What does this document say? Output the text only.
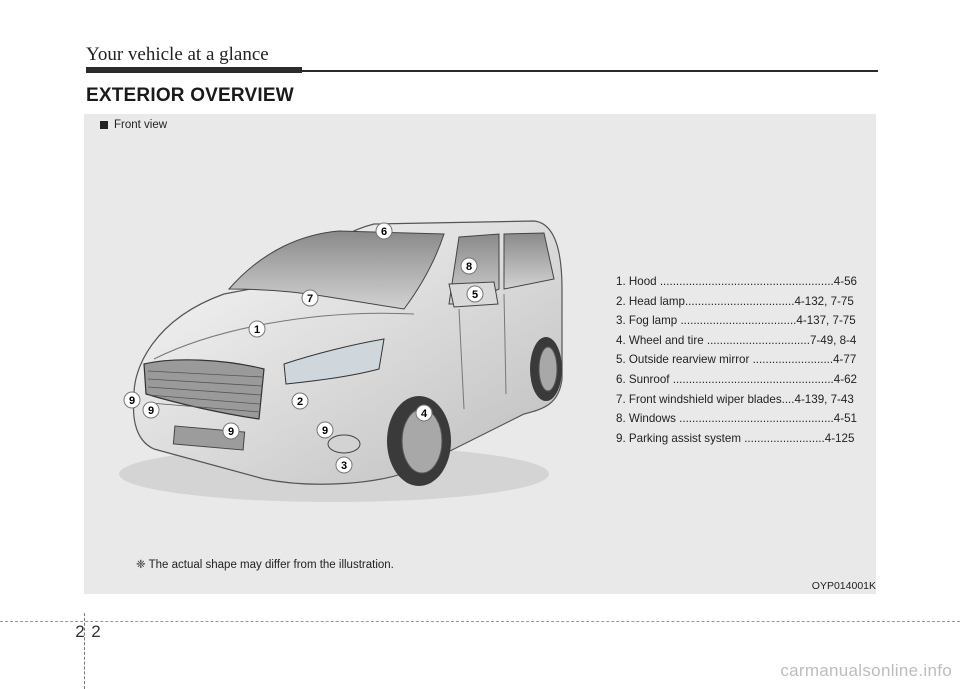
Your vehicle at a glance
EXTERIOR OVERVIEW
Front view
1
2
3
4
5
6
7
8
9
9
9	9
1. Hood ......................................................4-56
2. Head lamp..................................4-132, 7-75
3. Fog lamp ....................................4-137, 7-75
4. Wheel and tire ................................7-49, 8-4
5. Outside rearview mirror .........................4-77
6. Sunroof ..................................................4-62
7. Front windshield wiper blades....4-139, 7-43
8. Windows ................................................4-51
9. Parking assist system .........................4-125
❈ The actual shape may differ from the illustration.
OYP014001K
2 2
carmanualsonline.info
